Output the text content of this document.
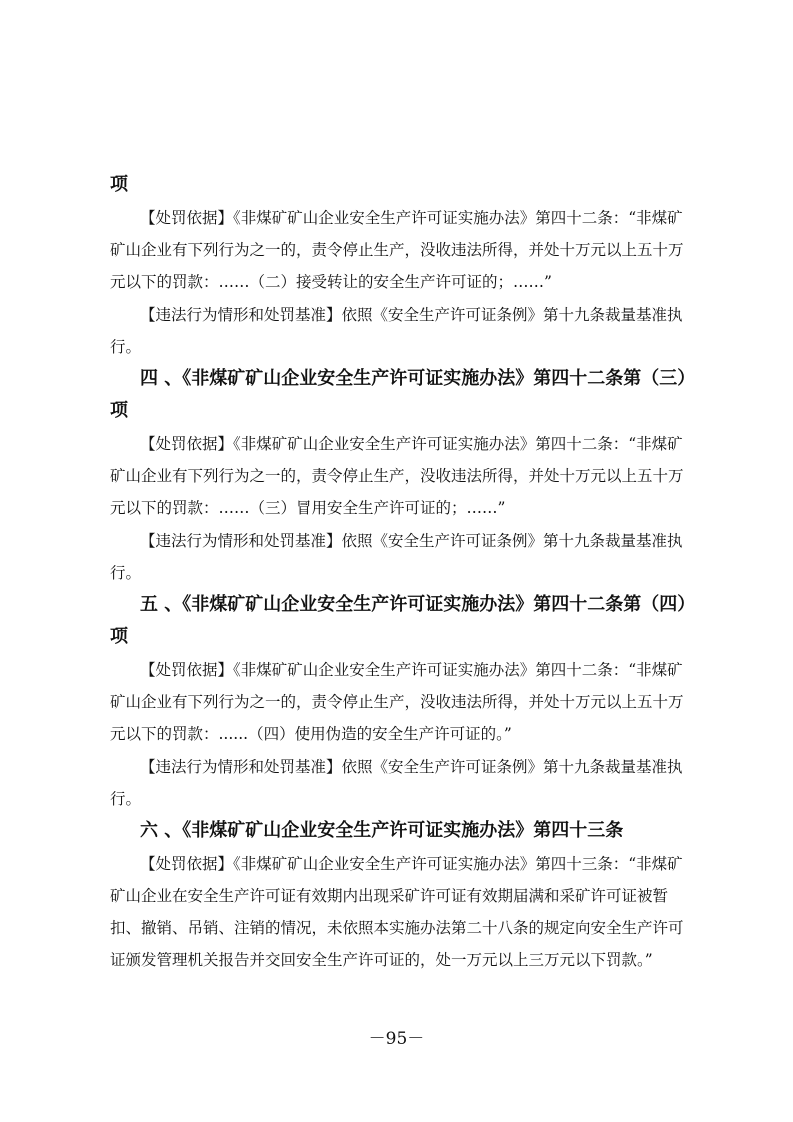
项
【处罚依据】《非煤矿矿山企业安全生产许可证实施办法》第四十二条：“非煤矿
矿山企业有下列行为之一的，责令停止生产，没收违法所得，并处十万元以上五十万
元以下的罚款：……（二）接受转让的安全生产许可证的；……”
【违法行为情形和处罚基准】依照《安全生产许可证条例》第十九条裁量基准执
行。
四 、《非煤矿矿山企业安全生产许可证实施办法》第四十二条第（三）
项
【处罚依据】《非煤矿矿山企业安全生产许可证实施办法》第四十二条：“非煤矿
矿山企业有下列行为之一的，责令停止生产，没收违法所得，并处十万元以上五十万
元以下的罚款：……（三）冒用安全生产许可证的；……”
【违法行为情形和处罚基准】依照《安全生产许可证条例》第十九条裁量基准执
行。
五 、《非煤矿矿山企业安全生产许可证实施办法》第四十二条第（四）
项
【处罚依据】《非煤矿矿山企业安全生产许可证实施办法》第四十二条：“非煤矿
矿山企业有下列行为之一的，责令停止生产，没收违法所得，并处十万元以上五十万
元以下的罚款：......（四）使用伪造的安全生产许可证的。”
【违法行为情形和处罚基准】依照《安全生产许可证条例》第十九条裁量基准执
行。
六 、《非煤矿矿山企业安全生产许可证实施办法》第四十三条
【处罚依据】《非煤矿矿山企业安全生产许可证实施办法》第四十三条：“非煤矿
矿山企业在安全生产许可证有效期内出现采矿许可证有效期届满和采矿许可证被暂
扣、撤销、吊销、注销的情况，未依照本实施办法第二十八条的规定向安全生产许可
证颁发管理机关报告并交回安全生产许可证的，处一万元以上三万元以下罚款。”
－95－
